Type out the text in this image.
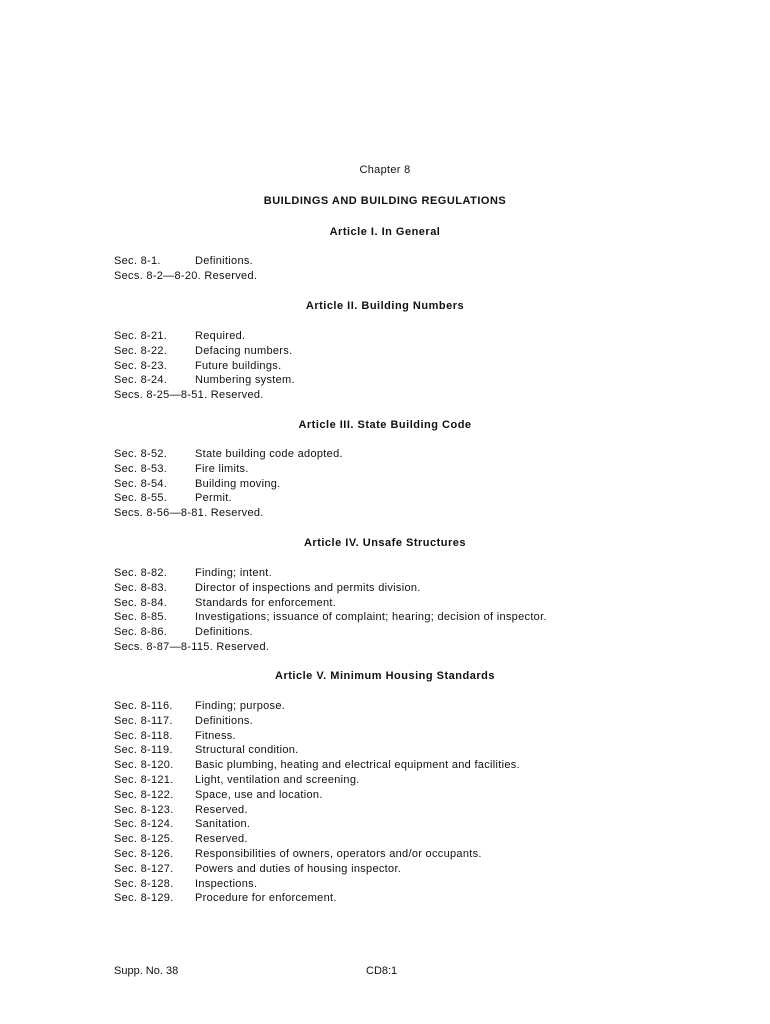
Chapter 8
BUILDINGS AND BUILDING REGULATIONS
Article I. In General
Sec. 8-1.	Definitions.
Secs. 8-2—8-20. Reserved.
Article II. Building Numbers
Sec. 8-21.	Required.
Sec. 8-22.	Defacing numbers.
Sec. 8-23.	Future buildings.
Sec. 8-24.	Numbering system.
Secs. 8-25—8-51. Reserved.
Article III. State Building Code
Sec. 8-52.	State building code adopted.
Sec. 8-53.	Fire limits.
Sec. 8-54.	Building moving.
Sec. 8-55.	Permit.
Secs. 8-56—8-81. Reserved.
Article IV. Unsafe Structures
Sec. 8-82.	Finding; intent.
Sec. 8-83.	Director of inspections and permits division.
Sec. 8-84.	Standards for enforcement.
Sec. 8-85.	Investigations; issuance of complaint; hearing; decision of inspector.
Sec. 8-86.	Definitions.
Secs. 8-87—8-115. Reserved.
Article V. Minimum Housing Standards
Sec. 8-116.	Finding; purpose.
Sec. 8-117.	Definitions.
Sec. 8-118.	Fitness.
Sec. 8-119.	Structural condition.
Sec. 8-120.	Basic plumbing, heating and electrical equipment and facilities.
Sec. 8-121.	Light, ventilation and screening.
Sec. 8-122.	Space, use and location.
Sec. 8-123.	Reserved.
Sec. 8-124.	Sanitation.
Sec. 8-125.	Reserved.
Sec. 8-126.	Responsibilities of owners, operators and/or occupants.
Sec. 8-127.	Powers and duties of housing inspector.
Sec. 8-128.	Inspections.
Sec. 8-129.	Procedure for enforcement.
Supp. No. 38	CD8:1
